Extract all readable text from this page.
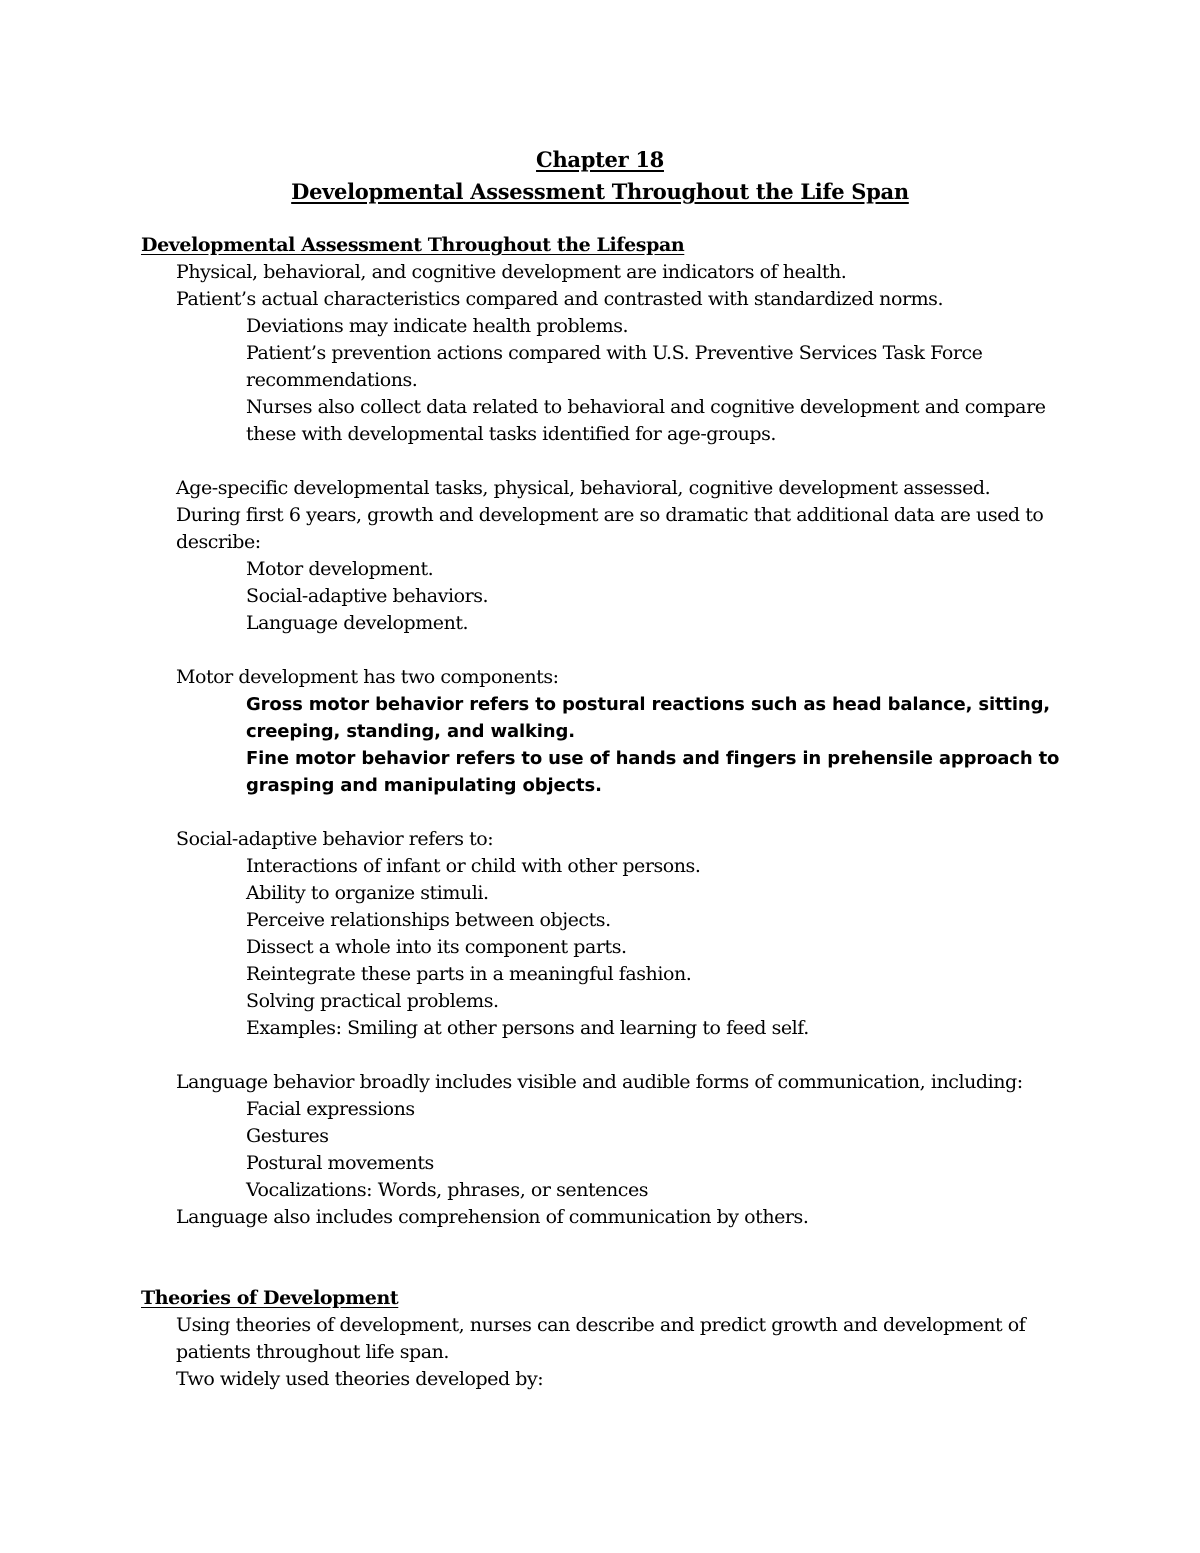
Chapter 18
Developmental Assessment Throughout the Life Span
Developmental Assessment Throughout the Lifespan
Physical, behavioral, and cognitive development are indicators of health.
Patient’s actual characteristics compared and contrasted with standardized norms.
Deviations may indicate health problems.
Patient’s prevention actions compared with U.S. Preventive Services Task Force
recommendations.
Nurses also collect data related to behavioral and cognitive development and compare
these with developmental tasks identified for age-groups.
Age-specific developmental tasks, physical, behavioral, cognitive development assessed.
During first 6 years, growth and development are so dramatic that additional data are used to
describe:
Motor development.
Social-adaptive behaviors.
Language development.
Motor development has two components:
Gross motor behavior refers to postural reactions such as head balance, sitting,
creeping, standing, and walking.
Fine motor behavior refers to use of hands and fingers in prehensile approach to
grasping and manipulating objects.
Social-adaptive behavior refers to:
Interactions of infant or child with other persons.
Ability to organize stimuli.
Perceive relationships between objects.
Dissect a whole into its component parts.
Reintegrate these parts in a meaningful fashion.
Solving practical problems.
Examples: Smiling at other persons and learning to feed self.
Language behavior broadly includes visible and audible forms of communication, including:
Facial expressions
Gestures
Postural movements
Vocalizations: Words, phrases, or sentences
Language also includes comprehension of communication by others.
Theories of Development
Using theories of development, nurses can describe and predict growth and development of
patients throughout life span.
Two widely used theories developed by:
